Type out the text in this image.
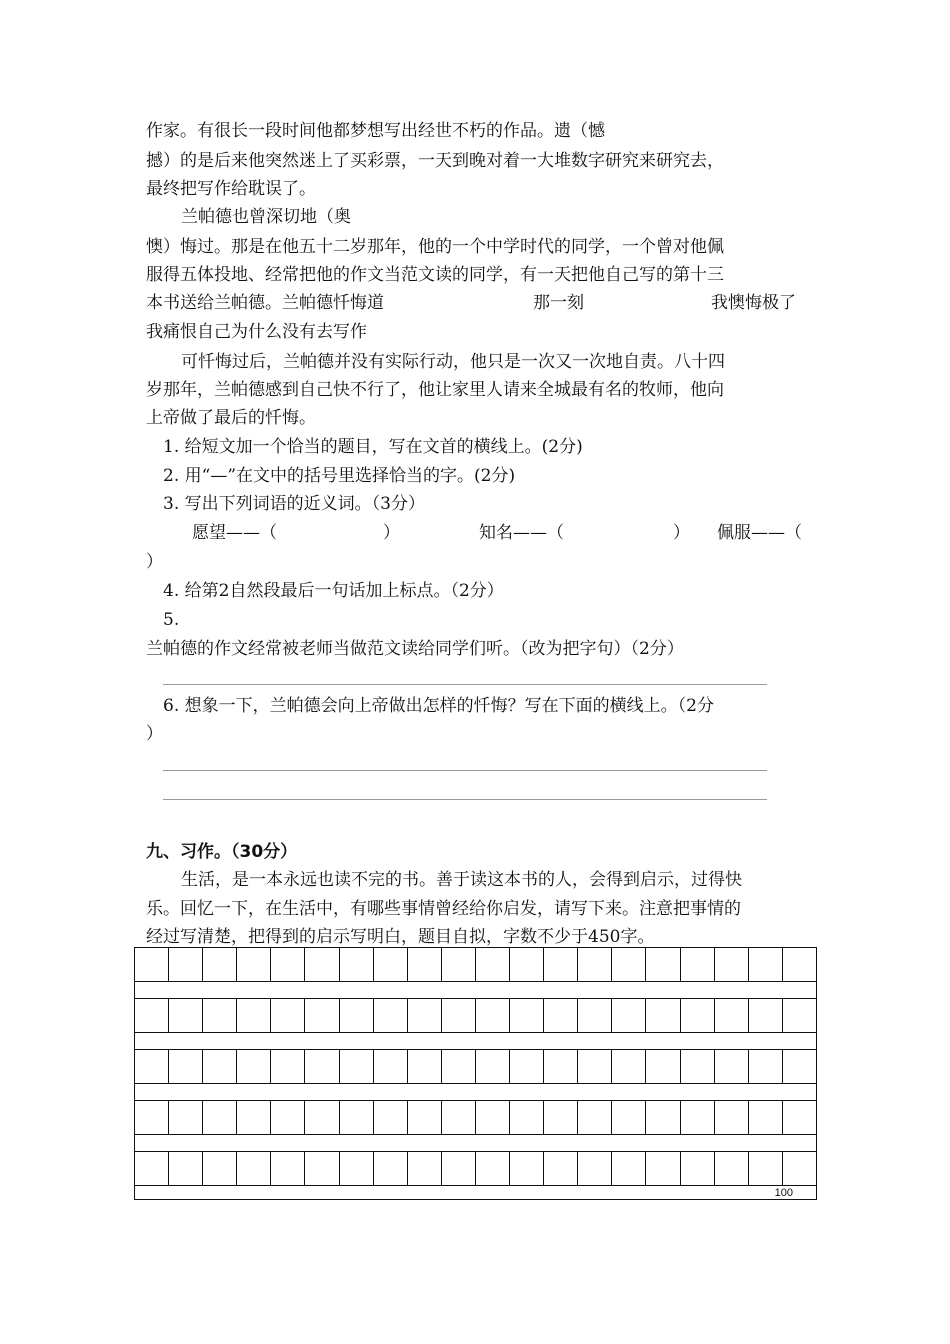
作家。有很长一段时间他都梦想写出经世不朽的作品。遗（憾
撼）的是后来他突然迷上了买彩票，一天到晚对着一大堆数字研究来研究去，
最终把写作给耽误了。
兰帕德也曾深切地（奥
懊）悔过。那是在他五十二岁那年，他的一个中学时代的同学，一个曾对他佩
服得五体投地、经常把他的作文当范文读的同学，有一天把他自己写的第十三
本书送给兰帕德。兰帕德忏悔道	那一刻	我懊悔极了
我痛恨自己为什么没有去写作
可忏悔过后，兰帕德并没有实际行动，他只是一次又一次地自责。八十四
岁那年，兰帕德感到自己快不行了，他让家里人请来全城最有名的牧师，他向
上帝做了最后的忏悔。
1. 给短文加一个恰当的题目，写在文首的横线上。(2分)
2. 用“—”在文中的括号里选择恰当的字。(2分)
3. 写出下列词语的近义词。（3分）
愿望——（	）	知名——（	） 佩服——（
）
4. 给第2自然段最后一句话加上标点。（2分）
5.
兰帕德的作文经常被老师当做范文读给同学们听。（改为把字句）（2分）
6. 想象一下，兰帕德会向上帝做出怎样的忏悔？写在下面的横线上。（2分
）
九、习作。（30分）
生活，是一本永远也读不完的书。善于读这本书的人，会得到启示，过得快
乐。回忆一下，在生活中，有哪些事情曾经给你启发，请写下来。注意把事情的
经过写清楚，把得到的启示写明白，题目自拟，字数不少于450字。
100
